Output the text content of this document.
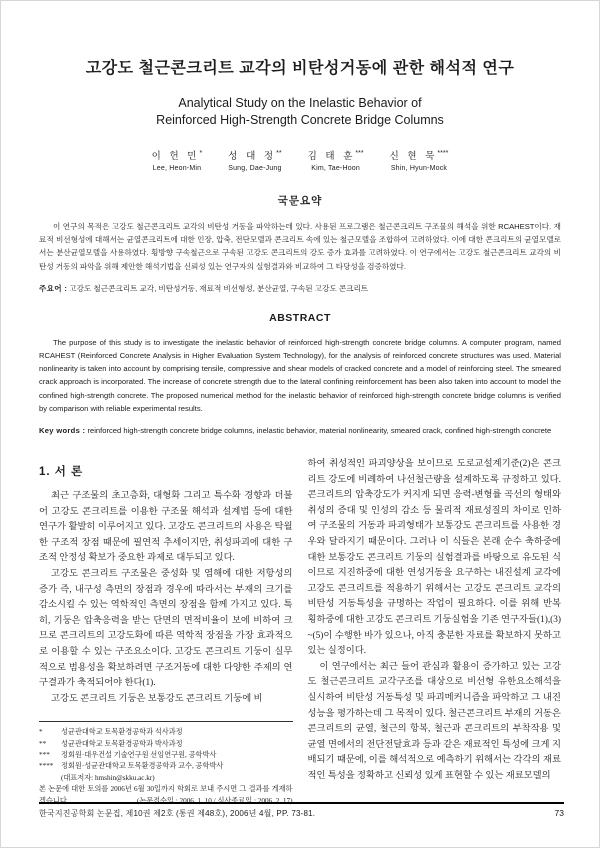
고강도 철근콘크리트 교각의 비탄성거동에 관한 해석적 연구
Analytical Study on the Inelastic Behavior of
Reinforced High-Strength Concrete Bridge Columns
이 헌 민*
Lee, Heon-Min
성 대 정**
Sung, Dae-Jung
김 태 훈***
Kim, Tae-Hoon
신 현 묵****
Shin, Hyun-Mock
국문요약

이 연구의 목적은 고강도 철근콘크리트 교각의 비탄성 거동을 파악하는데 있다. 사용된 프로그램은 철근콘크리트 구조물의 해석을 위한 RCAHEST이다. 재료적 비선형성에 대해서는 균열콘크리트에 대한 인장, 압축, 전단모델과 콘크리트 속에 있는 철근모델을 조합하여 고려하였다. 이에 대한 콘크리트의 균열모델로서는 분산균열모델을 사용하였다. 횡방향 구속철근으로 구속된 고강도 콘크리트의 강도 증가 효과를 고려하였다. 이 연구에서는 고강도 철근콘크리트 교각의 비탄성 거동의 파악을 위해 제안한 해석기법을 신뢰성 있는 연구자의 실험결과와 비교하여 그 타당성을 검증하였다.

주요어 : 고강도 철근콘크리트 교각, 비탄성거동, 재료적 비선형성, 분산균열, 구속된 고강도 콘크리트

ABSTRACT

The purpose of this study is to investigate the inelastic behavior of reinforced high-strength concrete bridge columns. A computer program, named RCAHEST (Reinforced Concrete Analysis in Higher Evaluation System Technology), for the analysis of reinforced concrete structures was used. Material nonlinearity is taken into account by comprising tensile, compressive and shear models of cracked concrete and a model of reinforcing steel. The smeared crack approach is incorporated. The increase of concrete strength due to the lateral confining reinforcement has been also taken into account to model the confined high-strength concrete. The proposed numerical method for the inelastic behavior of reinforced high-strength concrete bridge columns is verified by comparison with reliable experimental results.

Key words : reinforced high-strength concrete bridge columns, inelastic behavior, material nonlinearity, smeared crack, confined high-strength concrete

1. 서 론

최근 구조물의 초고층화, 대형화 그리고 특수화 경향과 더불어 고강도 콘크리트를 이용한 구조물 해석과 설계법 등에 대한 연구가 활발히 이루어지고 있다. 고강도 콘크리트의 사용은 탁월한 구조적 장점 때문에 필연적 추세이지만, 취성파괴에 대한 구조적 안정성 확보가 중요한 과제로 대두되고 있다.

고강도 콘크리트 구조물은 중성화 및 염해에 대한 저항성의 증가 즉, 내구성 측면의 장점과 경우에 따라서는 부재의 크기를 감소시킬 수 있는 역학적인 측면의 장점을 함께 가지고 있다. 특히, 기둥은 압축응력을 받는 단면의 면적비율이 보에 비하여 크므로 콘크리트의 고강도화에 따른 역학적 장점을 가장 효과적으로 이용할 수 있는 구조요소이다. 고강도 콘크리트 기둥이 실무적으로 범용성을 확보하려면 구조거동에 대한 다양한 주제의 연구결과가 축적되어야 한다(1).

고강도 콘크리트 기둥은 보통강도 콘크리트 기둥에 비

*	성균관대학교 토목환경공학과 석사과정
**	성균관대학교 토목환경공학과 박사과정
***	정회원·대우건설 기술연구원 선임연구원, 공학박사
****	정회원·성균관대학교 토목환경공학과 교수, 공학박사
(대표저자: hmshin@skku.ac.kr)
본 논문에 대한 토의를 2006년 6월 30일까지 학회로 보내 주시면 그 결과를 게재하겠습니다.	(논문접수일 : 2006. 1. 10 / 심사종료일 : 2006. 2. 17)

하여 취성적인 파괴양상을 보이므로 도로교설계기준(2)은 콘크리트 강도에 비례하여 나선철근량을 설계하도록 규정하고 있다. 콘크리트의 압축강도가 커지게 되면 응력-변형률 곡선의 형태와 취성의 증대 및 인성의 감소 등 물리적 재료성질의 차이로 인하여 구조물의 거동과 파괴형태가 보통강도 콘크리트를 사용한 경우와 달라지기 때문이다. 그러나 이 식들은 본래 순수 축하중에 대한 보통강도 콘크리트 기둥의 실험결과를 바탕으로 유도된 식이므로 지진하중에 대한 연성거동을 요구하는 내진설계 교각에 고강도 콘크리트를 적용하기 위해서는 고강도 콘크리트 교각의 비탄성 거동특성을 규명하는 작업이 필요하다. 이를 위해 반복 횡하중에 대한 고강도 콘크리트 기둥실험을 기존 연구자들(1),(3)~(5)이 수행한 바가 있으나, 아직 충분한 자료를 확보하지 못하고 있는 실정이다.

이 연구에서는 최근 들어 관심과 활용이 증가하고 있는 고강도 철근콘크리트 교각구조를 대상으로 비선형 유한요소해석을 실시하여 비탄성 거동특성 및 파괴메커니즘을 파악하고 그 내진성능을 평가하는데 그 목적이 있다. 철근콘크리트 부재의 거동은 콘크리트의 균열, 철근의 항복, 철근과 콘크리트의 부착작용 및 균열 면에서의 전단전달효과 등과 같은 재료적인 특성에 크게 지배되기 때문에, 이를 해석적으로 예측하기 위해서는 각각의 재료적인 특성을 정확하고 신뢰성 있게 표현할 수 있는 재료모델의

한국지진공학회 논문집, 제10권 제2호 (통권 제48호), 2006년 4월, PP. 73-81.	73
